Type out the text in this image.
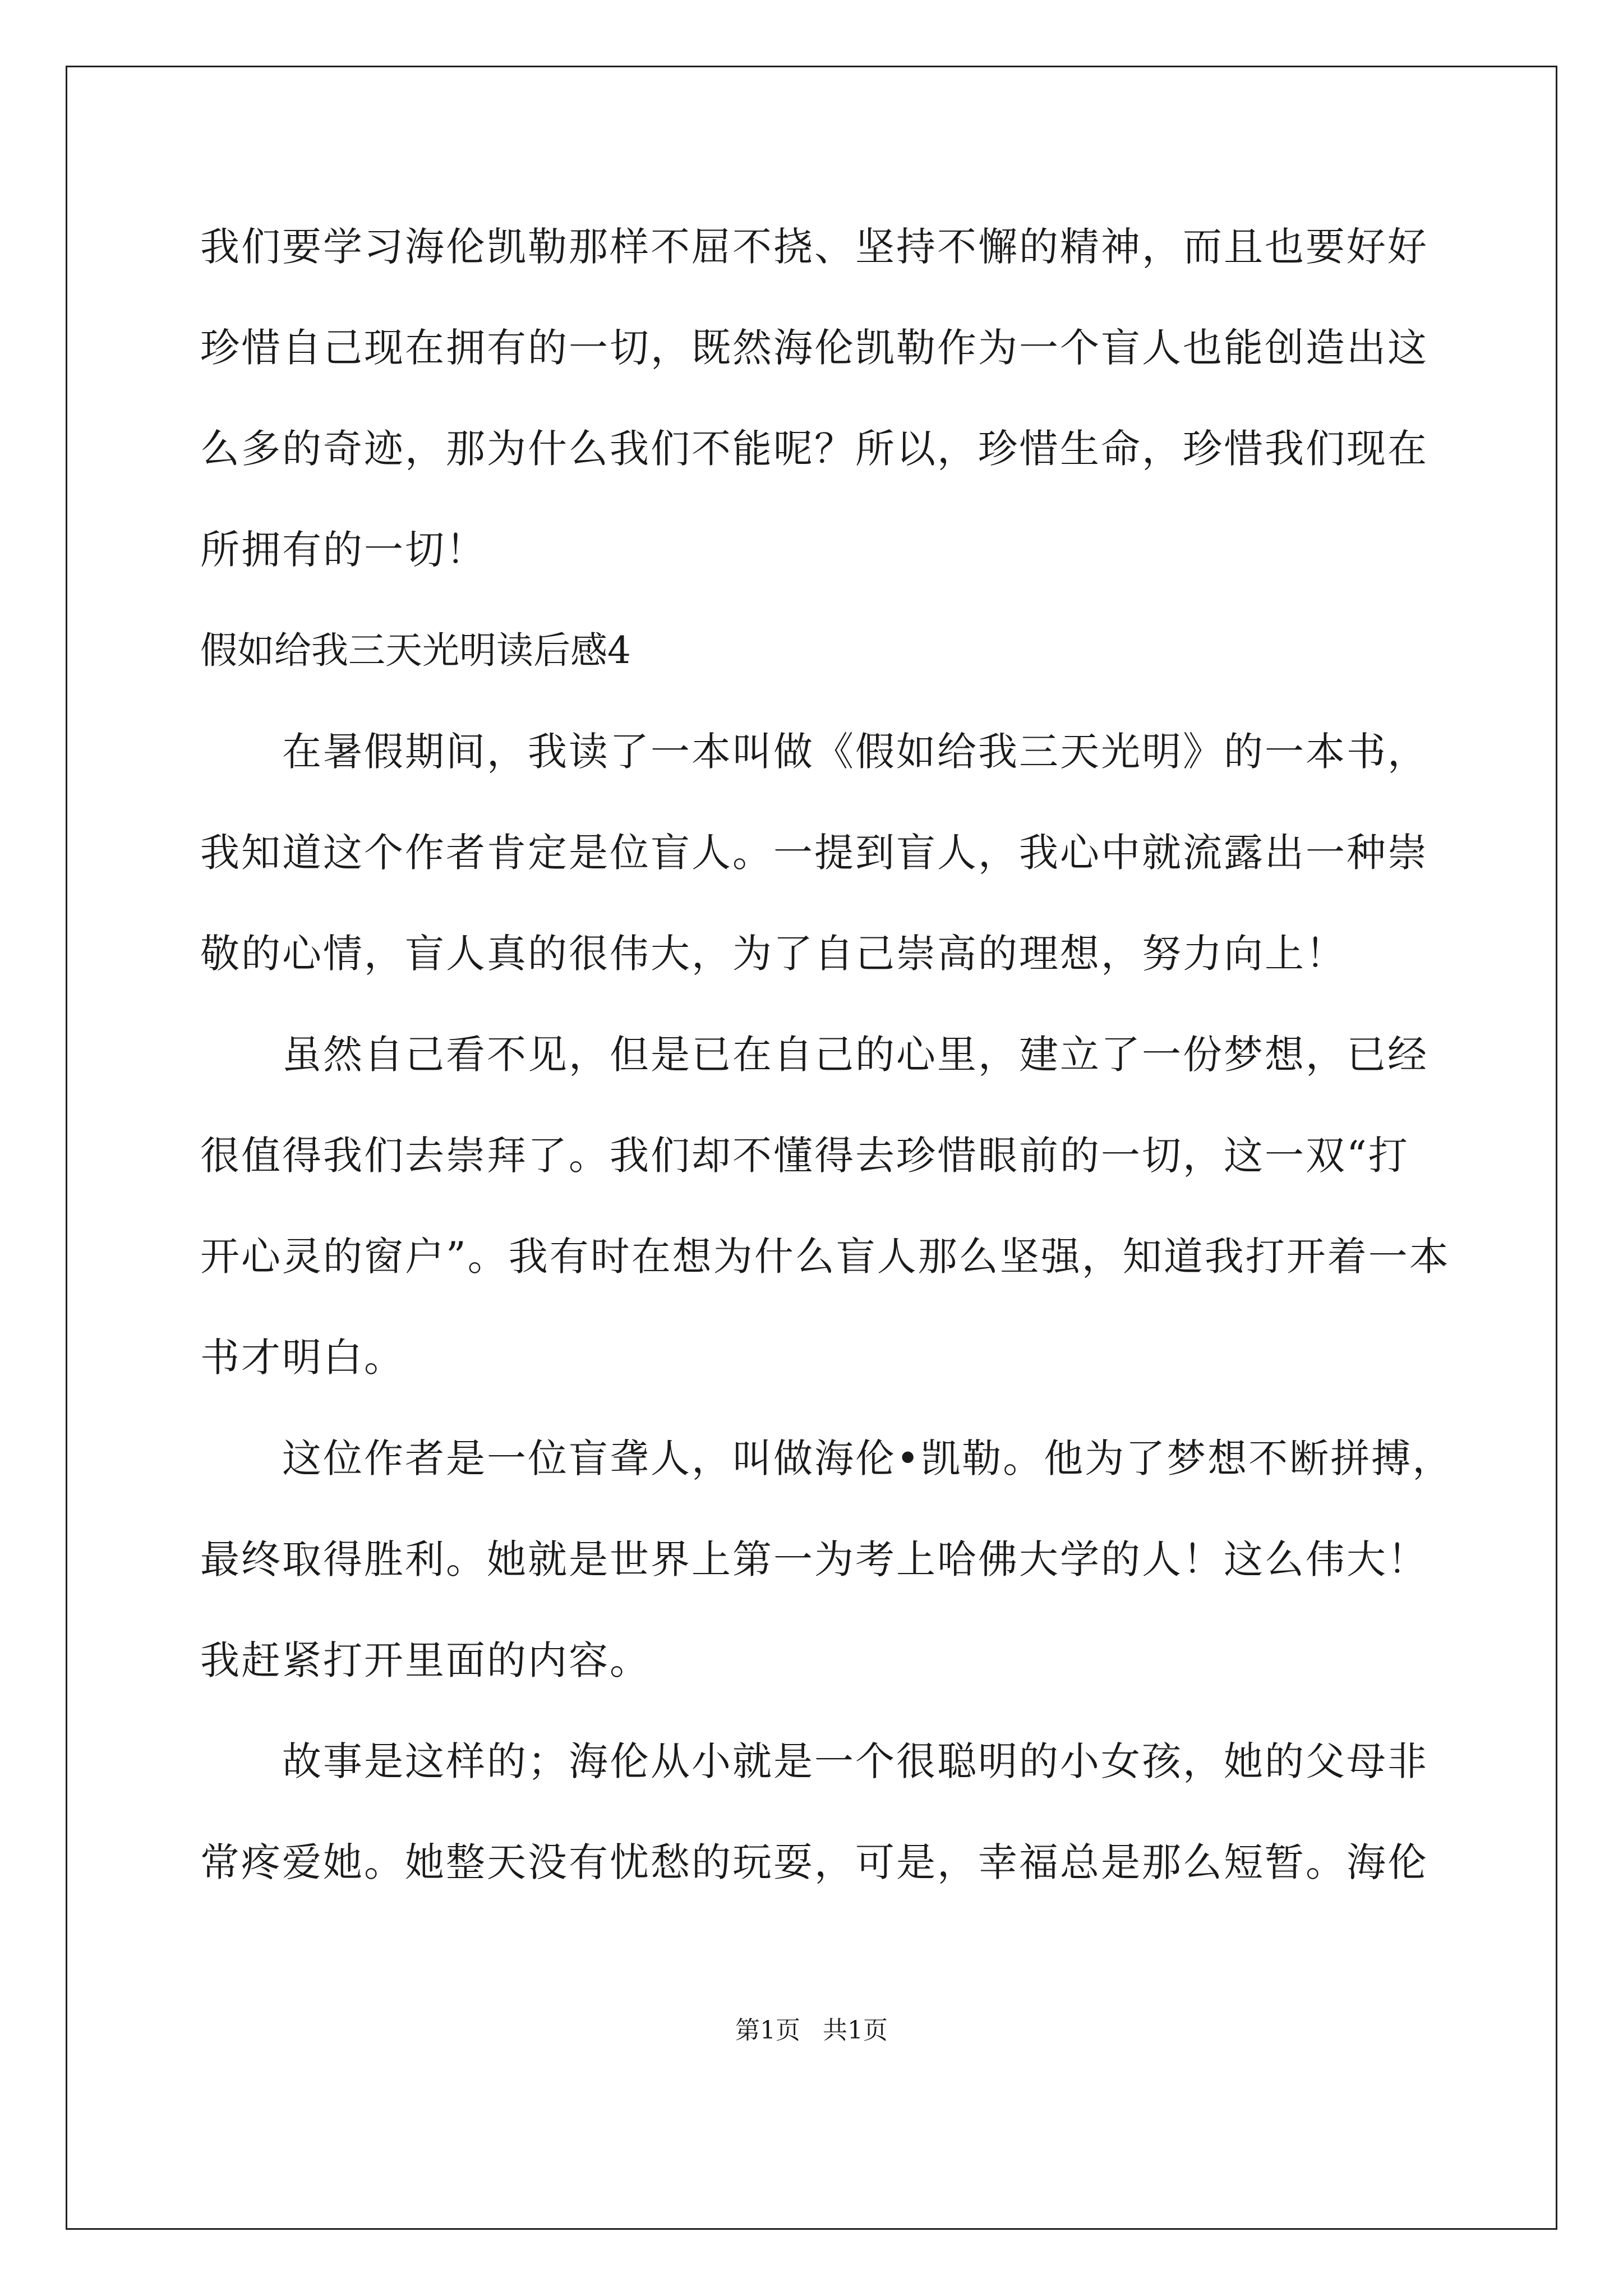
我们要学习海伦凯勒那样不屈不挠、坚持不懈的精神，而且也要好好
珍惜自己现在拥有的一切，既然海伦凯勒作为一个盲人也能创造出这
么多的奇迹，那为什么我们不能呢？所以，珍惜生命，珍惜我们现在
所拥有的一切！
假如给我三天光明读后感4
在暑假期间，我读了一本叫做《假如给我三天光明》的一本书，
我知道这个作者肯定是位盲人。一提到盲人，我心中就流露出一种崇
敬的心情，盲人真的很伟大，为了自己崇高的理想，努力向上！
虽然自己看不见，但是已在自己的心里，建立了一份梦想，已经
很值得我们去崇拜了。我们却不懂得去珍惜眼前的一切，这一双“打
开心灵的窗户”。我有时在想为什么盲人那么坚强，知道我打开着一本
书才明白。
这位作者是一位盲聋人，叫做海伦•凯勒。他为了梦想不断拼搏，
最终取得胜利。她就是世界上第一为考上哈佛大学的人！这么伟大！
我赶紧打开里面的内容。
故事是这样的；海伦从小就是一个很聪明的小女孩，她的父母非
常疼爱她。她整天没有忧愁的玩耍，可是，幸福总是那么短暂。海伦
第1页 共1页
